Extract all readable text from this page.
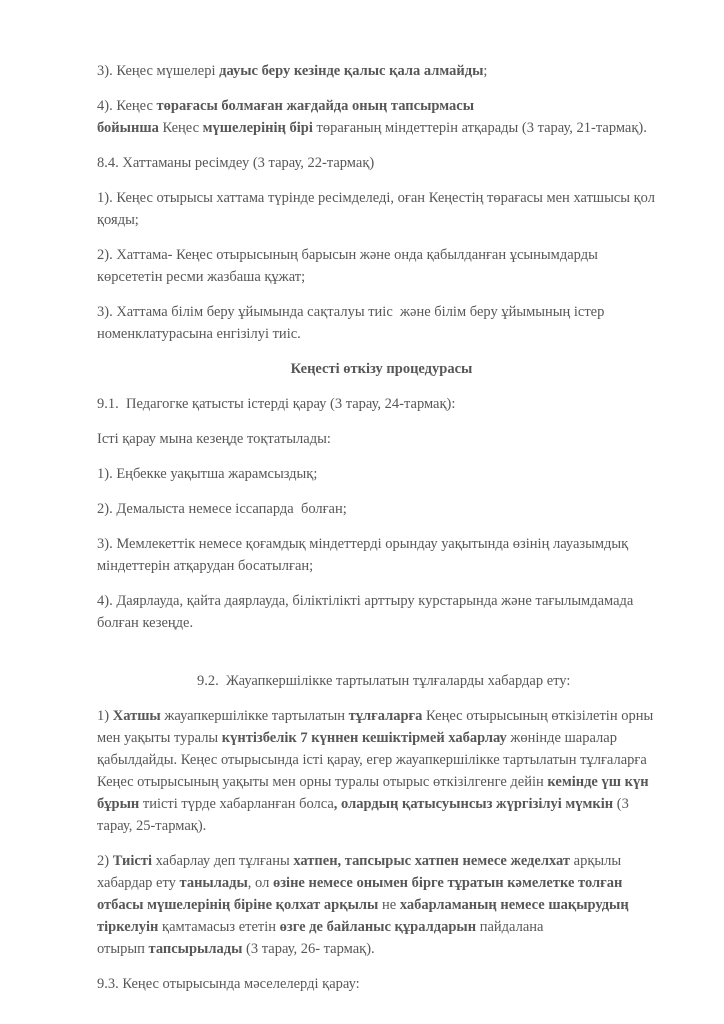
3). Кеңес мүшелері дауыс беру кезінде қалыс қала алмайды;

4). Кеңес төрағасы болмаған жағдайда оның тапсырмасы
бойынша Кеңес мүшелерінің бірі төрағаның міндеттерін атқарады (3 тарау, 21-тармақ).

8.4. Хаттаманы ресімдеу (3 тарау, 22-тармақ)

1). Кеңес отырысы хаттама түрінде ресімделеді, оған Кеңестің төрағасы мен хатшысы қол қояды;

2). Хаттама- Кеңес отырысының барысын және онда қабылданған ұсынымдарды көрсететін ресми жазбаша құжат;

3). Хаттама білім беру ұйымында сақталуы тиіс  және білім беру ұйымының істер номенклатурасына енгізілуі тиіс.

Кеңесті өткізу процедурасы

9.1.  Педагогке қатысты істерді қарау (3 тарау, 24-тармақ):

Істі қарау мына кезеңде тоқтатылады:

1). Еңбекке уақытша жарамсыздық;

2). Демалыста немесе іссапарда  болған;

3). Мемлекеттік немесе қоғамдық міндеттерді орындау уақытында өзінің лауазымдық міндеттерін атқарудан босатылған;

4). Даярлауда, қайта даярлауда, біліктілікті арттыру курстарында және тағылымдамада болған кезеңде.

9.2.  Жауапкершілікке тартылатын тұлғаларды хабардар ету:

1) Хатшы жауапкершілікке тартылатын тұлғаларға Кеңес отырысының өткізілетін орны мен уақыты туралы күнтізбелік 7 күннен кешіктірмей хабарлау жөнінде шаралар қабылдайды. Кеңес отырысында істі қарау, егер жауапкершілікке тартылатын тұлғаларға Кеңес отырысының уақыты мен орны туралы отырыс өткізілгенге дейін кемінде үш күн бұрын тиісті түрде хабарланған болса, олардың қатысуынсыз жүргізілуі мүмкін (3 тарау, 25-тармақ).

2) Тиісті хабарлау деп тұлғаны хатпен, тапсырыс хатпен немесе жеделхат арқылы хабардар ету танылады, ол өзіне немесе онымен бірге тұратын кәмелетке толған отбасы мүшелерінің біріне қолхат арқылы не хабарламаның немесе шақырудың тіркелуін қамтамасыз ететін өзге де байланыс құралдарын пайдалана
отырып тапсырылады (3 тарау, 26- тармақ).

9.3. Кеңес отырысында мәселелерді қарау:
